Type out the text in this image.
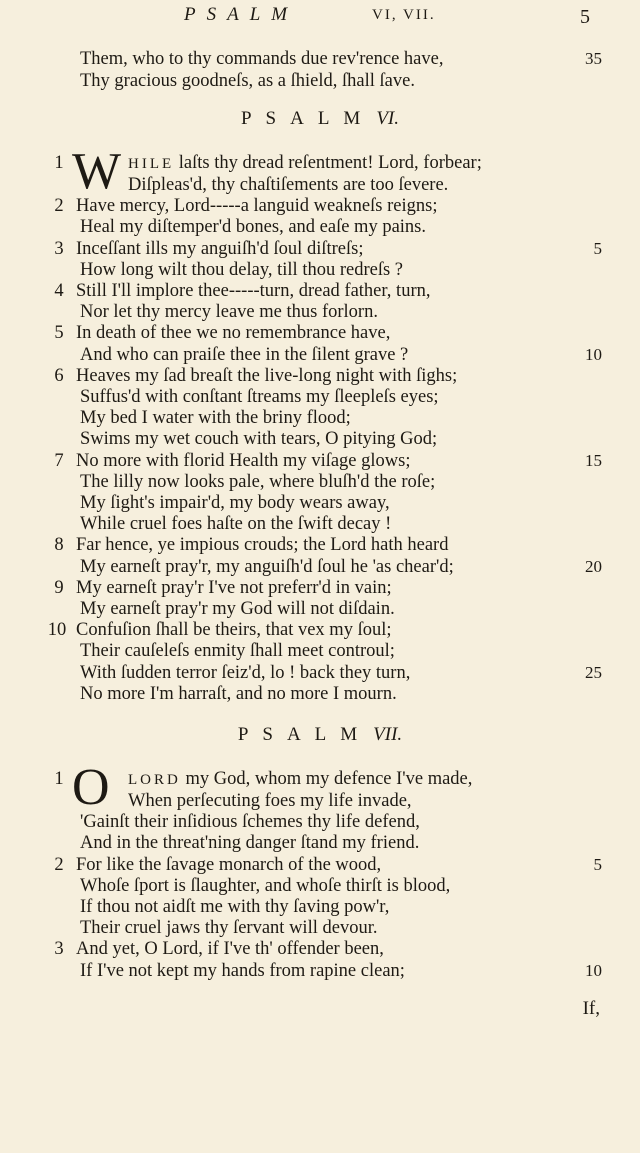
PSALM	VI, VII.	5
Them, who to thy commands due rev'rence have,	35
Thy gracious goodneſs, as a ſhield, ſhall ſave.
PSALM VI.
1 W HILE laſts thy dread reſentment! Lord, forbear;
Diſpleas'd, thy chaſtiſements are too ſevere.
2 Have mercy, Lord-----a languid weakneſs reigns;
Heal my diſtemper'd bones, and eaſe my pains.
3 Inceſſant ills my anguiſh'd ſoul diſtreſs;	5
How long wilt thou delay, till thou redreſs ?
4 Still I'll implore thee-----turn, dread father, turn,
Nor let thy mercy leave me thus forlorn.
5 In death of thee we no remembrance have,
And who can praiſe thee in the ſilent grave ?	10
6 Heaves my ſad breaſt the live-long night with ſighs;
Suffus'd with conſtant ſtreams my ſleepleſs eyes;
My bed I water with the briny flood;
Swims my wet couch with tears, O pitying God;
7 No more with florid Health my viſage glows;	15
The lilly now looks pale, where bluſh'd the roſe;
My ſight's impair'd, my body wears away,
While cruel foes haſte on the ſwift decay !
8 Far hence, ye impious crouds; the Lord hath heard
My earneſt pray'r, my anguiſh'd ſoul he 'as chear'd;	20
9 My earneſt pray'r I've not preferr'd in vain;
My earneſt pray'r my God will not diſdain.
10 Confuſion ſhall be theirs, that vex my ſoul;
Their cauſeleſs enmity ſhall meet controul;
With ſudden terror ſeiz'd, lo ! back they turn,	25
No more I'm harraſt, and no more I mourn.
PSALM VII.
1 O LORD my God, whom my defence I've made,
When perſecuting foes my life invade,
'Gainſt their inſidious ſchemes thy life defend,
And in the threat'ning danger ſtand my friend.
2 For like the ſavage monarch of the wood,	5
Whoſe ſport is ſlaughter, and whoſe thirſt is blood,
If thou not aidſt me with thy ſaving pow'r,
Their cruel jaws thy ſervant will devour.
3 And yet, O Lord, if I've th' offender been,
If I've not kept my hands from rapine clean;	10
If,
